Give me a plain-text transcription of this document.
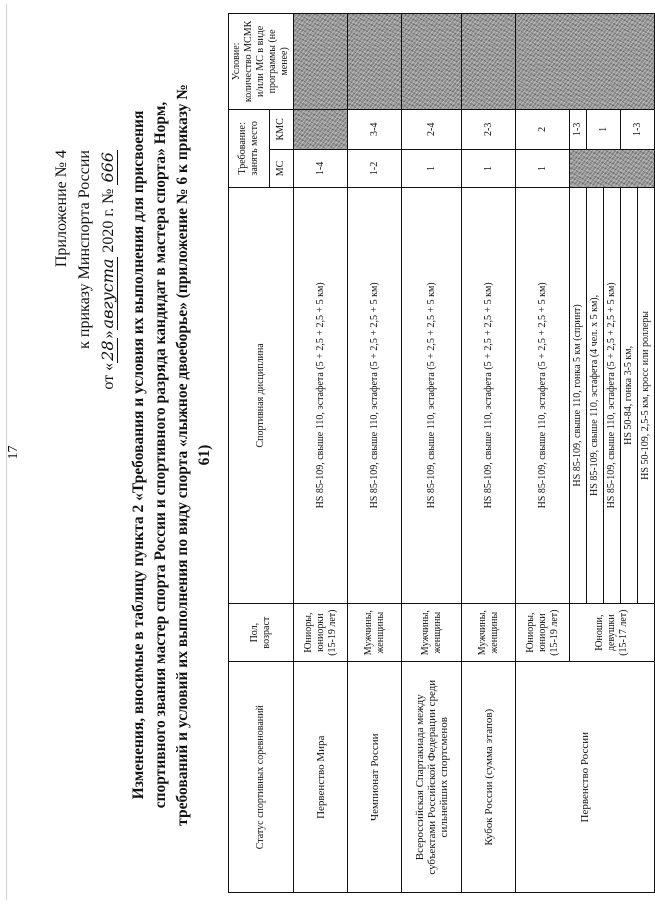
17
Приложение № 4 к приказу Минспорта России
от «28»августа 2020 г. № 666 Изменения, вносимые в таблицу пункта 2 «Требования и условия их выполнения для присвоения спортивного звания мастер спорта России и спортивного разряда кандидат в мастера спорта» Норм, требований и условий их выполнения по виду спорта «лыжное двоеборье» (приложение № 6 к приказу № 61)
Статус спортивных соревнований	Пол, возраст	Спортивная дисциплина	Требование: занять место		Условие: количество МСМК и/или МС в виде программы (не менее)
			МС	КМС	
Первенство Мира	Юниоры, юниорки (15-19 лет)	HS 85-109, свыше 110, эстафета (5 + 2,5 + 2,5 + 5 км)	1-4		
Чемпионат России	Мужчины, женщины	HS 85-109, свыше 110, эстафета (5 + 2,5 + 2,5 + 5 км)	1-2	3-4	
Всероссийская Спартакиада между субъектами Российской Федерации среди сильнейших спортсменов	Мужчины, женщины	HS 85-109, свыше 110, эстафета (5 + 2,5 + 2,5 + 5 км)	1	2-4	
Кубок России (сумма этапов)	Мужчины, женщины	HS 85-109, свыше 110, эстафета (5 + 2,5 + 2,5 + 5 км)	1	2-3	
Первенство России	Юниоры, юниорки (15-19 лет)	HS 85-109, свыше 110, эстафета (5 + 2,5 + 2,5 + 5 км)	1	2	
	Юноши, девушки (15-17 лет)	HS 85-109, свыше 110, гонка 5 км (спринт)		1-3	
		HS 85-109, свыше 110, эстафета (4 чел. х 5 км),		1	
		HS 85-109, свыше 110, эстафета (5 + 2,5 + 2,5 + 5 км)			
		HS 50-84, гонка 3-5 км,		1-3	
		HS 50-109, 2,5-5 км, кросс или роллеры			
